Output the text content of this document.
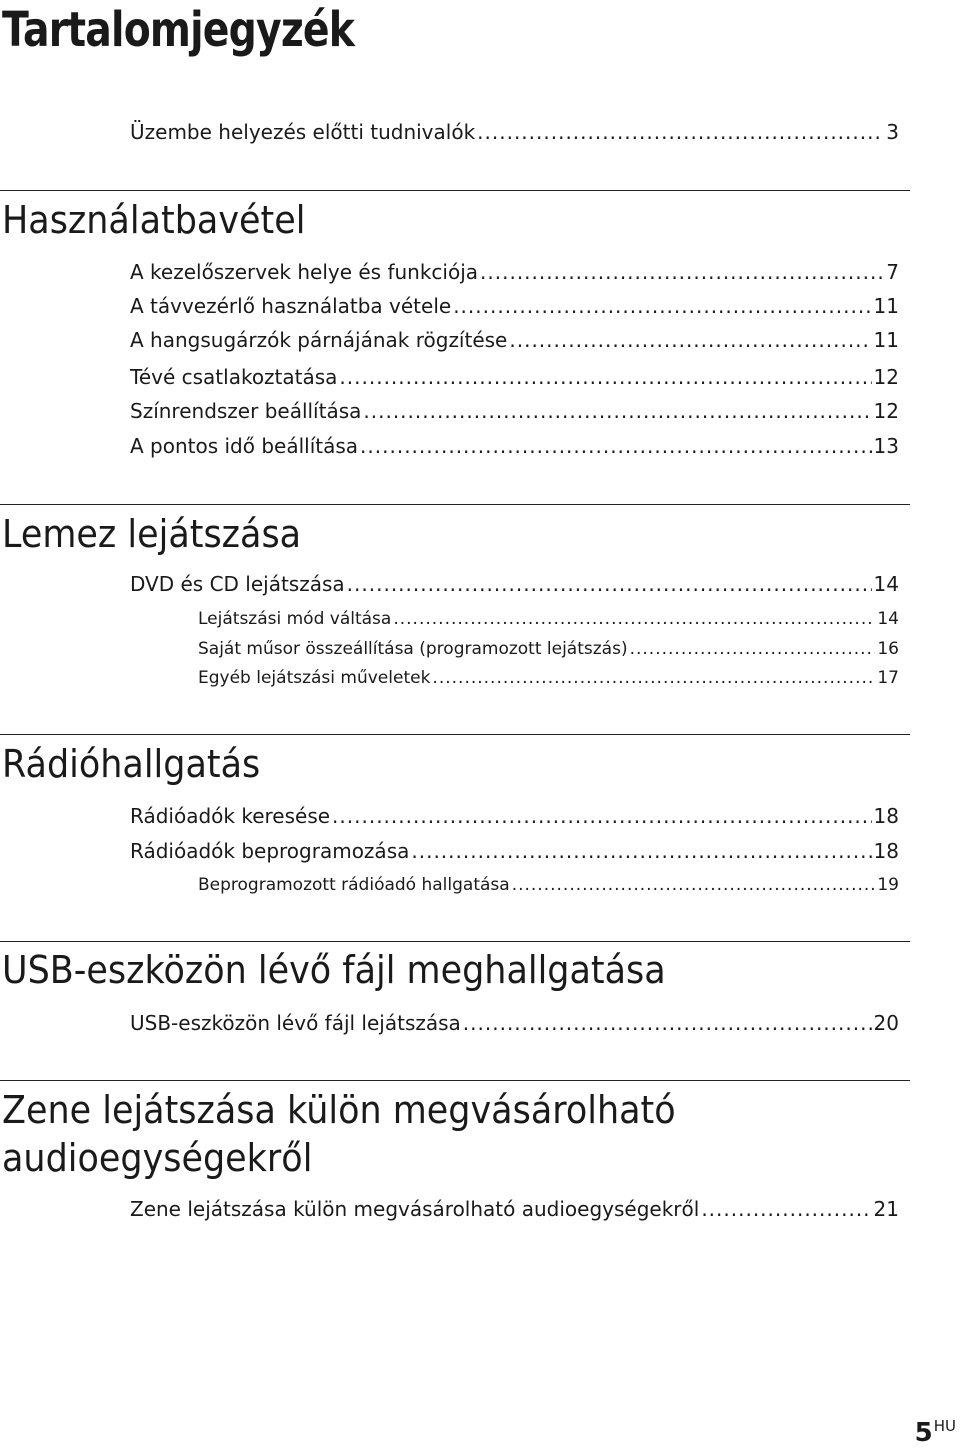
Tartalomjegyzék
Üzembe helyezés előtti tudnivalók .....	3
Használatbavétel
A kezelőszervek helye és funkciója .....	7
A távvezérlő használatba vétele .....	11
A hangsugárzók párnájának rögzítése .....	11
Tévé csatlakoztatása .....	12
Színrendszer beállítása .....	12
A pontos idő beállítása .....	13
Lemez lejátszása
DVD és CD lejátszása .....	14
Lejátszási mód váltása .....	14
Saját műsor összeállítása (programozott lejátszás) .....	16
Egyéb lejátszási műveletek .....	17
Rádióhallgatás
Rádióadók keresése .....	18
Rádióadók beprogramozása .....	18
Beprogramozott rádióadó hallgatása .....	19
USB-eszközön lévő fájl meghallgatása
USB-eszközön lévő fájl lejátszása .....	20
Zene lejátszása külön megvásárolható
audioegységekről
Zene lejátszása külön megvásárolható audioegységekről .....	21
5HU
